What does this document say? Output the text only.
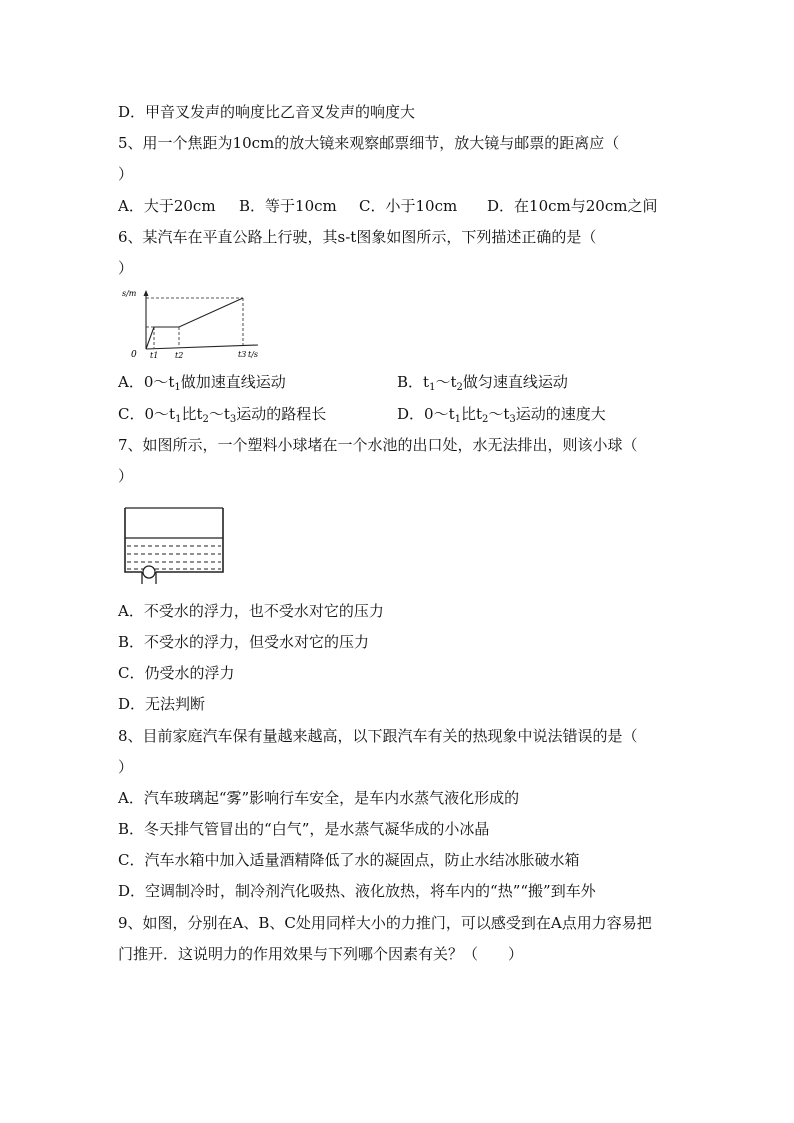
D．甲音叉发声的响度比乙音叉发声的响度大
5、用一个焦距为10cm的放大镜来观察邮票细节，放大镜与邮票的距离应（
）
A．大于20cm B．等于10cm C．小于10cm D．在10cm与20cm之间
6、某汽车在平直公路上行驶，其s-t图象如图所示，下列描述正确的是（
）
s/m
0 t1 t2	t3 t/s
A．$0\sim t_1$做加速直线运动	B．$t_1\sim t_2$做匀速直线运动
C．$0\sim t_1$比$t_2\sim t_3$运动的路程长	D．$0\sim t_1$比$t_2\sim t_3$运动的速度大
7、如图所示，一个塑料小球堵在一个水池的出口处，水无法排出，则该小球（
）
A．不受水的浮力，也不受水对它的压力
B．不受水的浮力，但受水对它的压力
C．仍受水的浮力
D．无法判断
8、目前家庭汽车保有量越来越高，以下跟汽车有关的热现象中说法错误的是（
）
A．汽车玻璃起“雾”影响行车安全，是车内水蒸气液化形成的
B．冬天排气管冒出的“白气”，是水蒸气凝华成的小冰晶
C．汽车水箱中加入适量酒精降低了水的凝固点，防止水结冰胀破水箱
D．空调制冷时，制冷剂汽化吸热、液化放热，将车内的“热”“搬”到车外
9、如图，分别在A、B、C处用同样大小的力推门，可以感受到在A点用力容易把
门推开．这说明力的作用效果与下列哪个因素有关？（　　）
